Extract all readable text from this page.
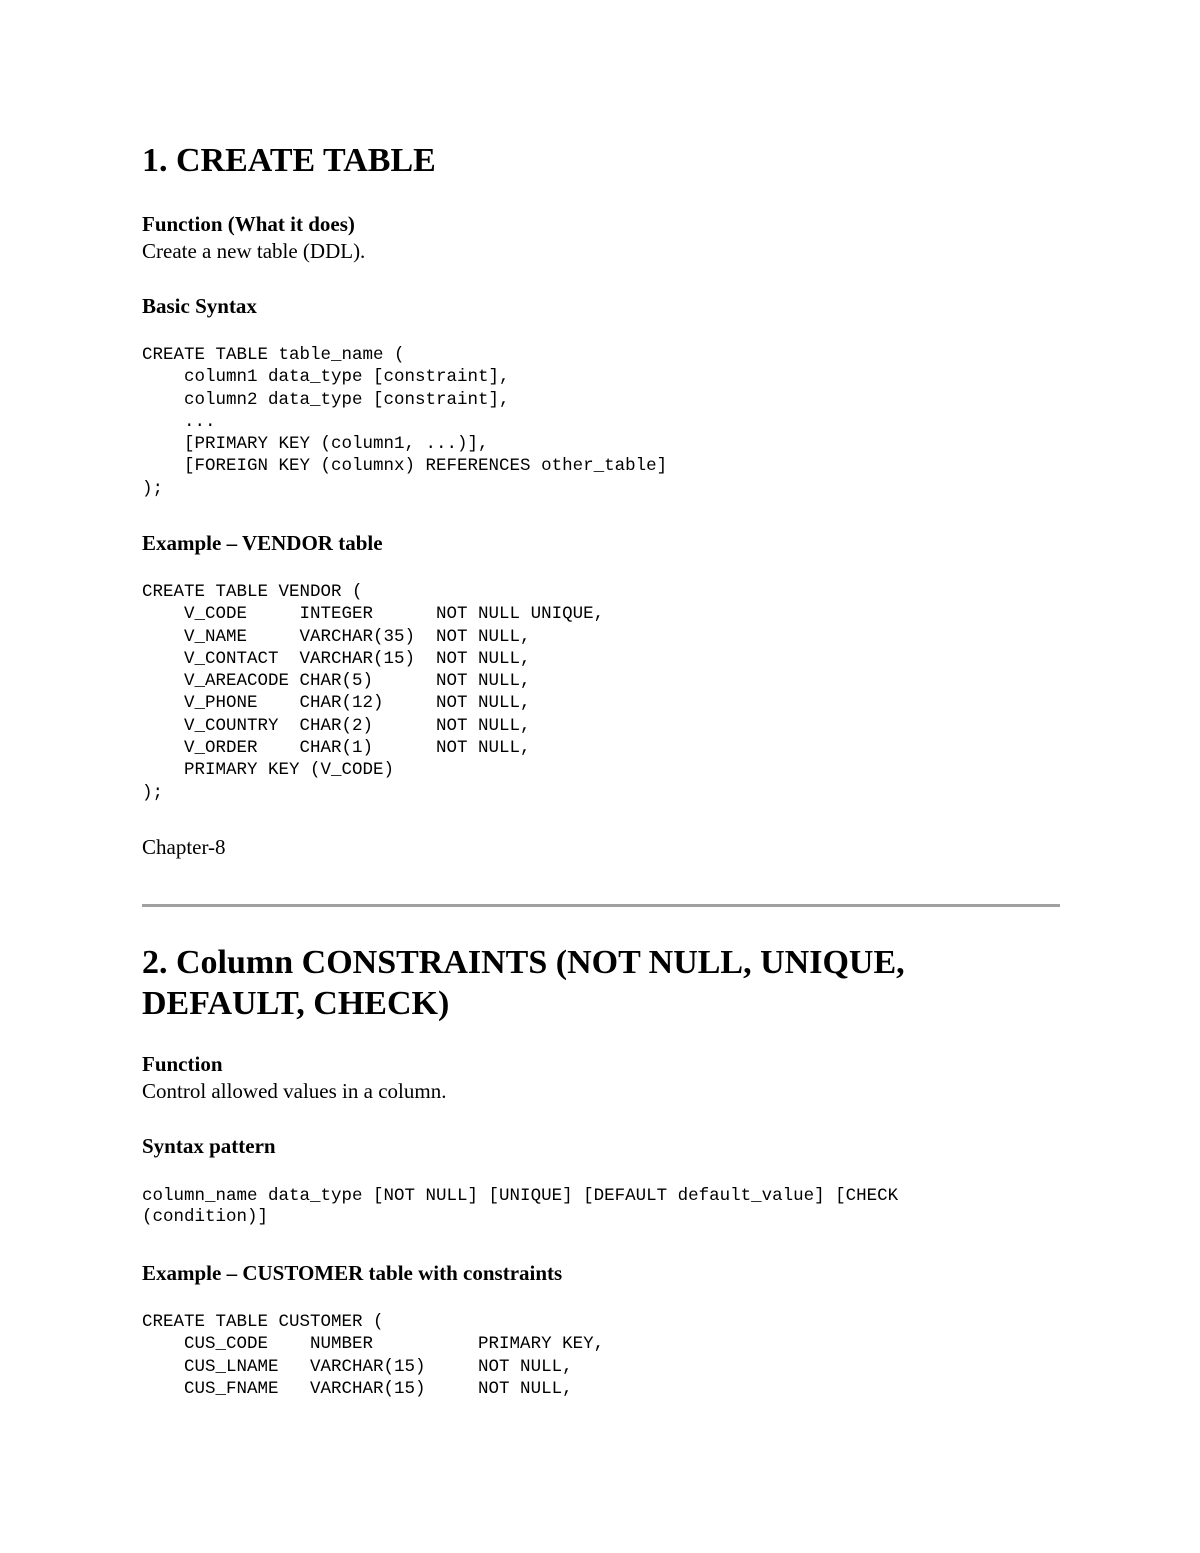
1. CREATE TABLE
Function (What it does)

Create a new table (DDL).

Basic Syntax
CREATE TABLE table_name (
column1 data_type [constraint],
column2 data_type [constraint],
...
[PRIMARY KEY (column1, ...)],
[FOREIGN KEY (columnx) REFERENCES other_table]
);
Example – VENDOR table
CREATE TABLE VENDOR (
V_CODE     INTEGER      NOT NULL UNIQUE,
V_NAME     VARCHAR(35)  NOT NULL,
V_CONTACT  VARCHAR(15)  NOT NULL,
V_AREACODE CHAR(5)      NOT NULL,
V_PHONE    CHAR(12)     NOT NULL,
V_COUNTRY  CHAR(2)      NOT NULL,
V_ORDER    CHAR(1)      NOT NULL,
PRIMARY KEY (V_CODE)
);

Chapter-8

2. Column CONSTRAINTS (NOT NULL, UNIQUE,
DEFAULT, CHECK)
Function

Control allowed values in a column.

Syntax pattern
column_name data_type [NOT NULL] [UNIQUE] [DEFAULT default_value] [CHECK
(condition)]
Example – CUSTOMER table with constraints
CREATE TABLE CUSTOMER (
CUS_CODE    NUMBER          PRIMARY KEY,
CUS_LNAME   VARCHAR(15)     NOT NULL,
CUS_FNAME   VARCHAR(15)     NOT NULL,
